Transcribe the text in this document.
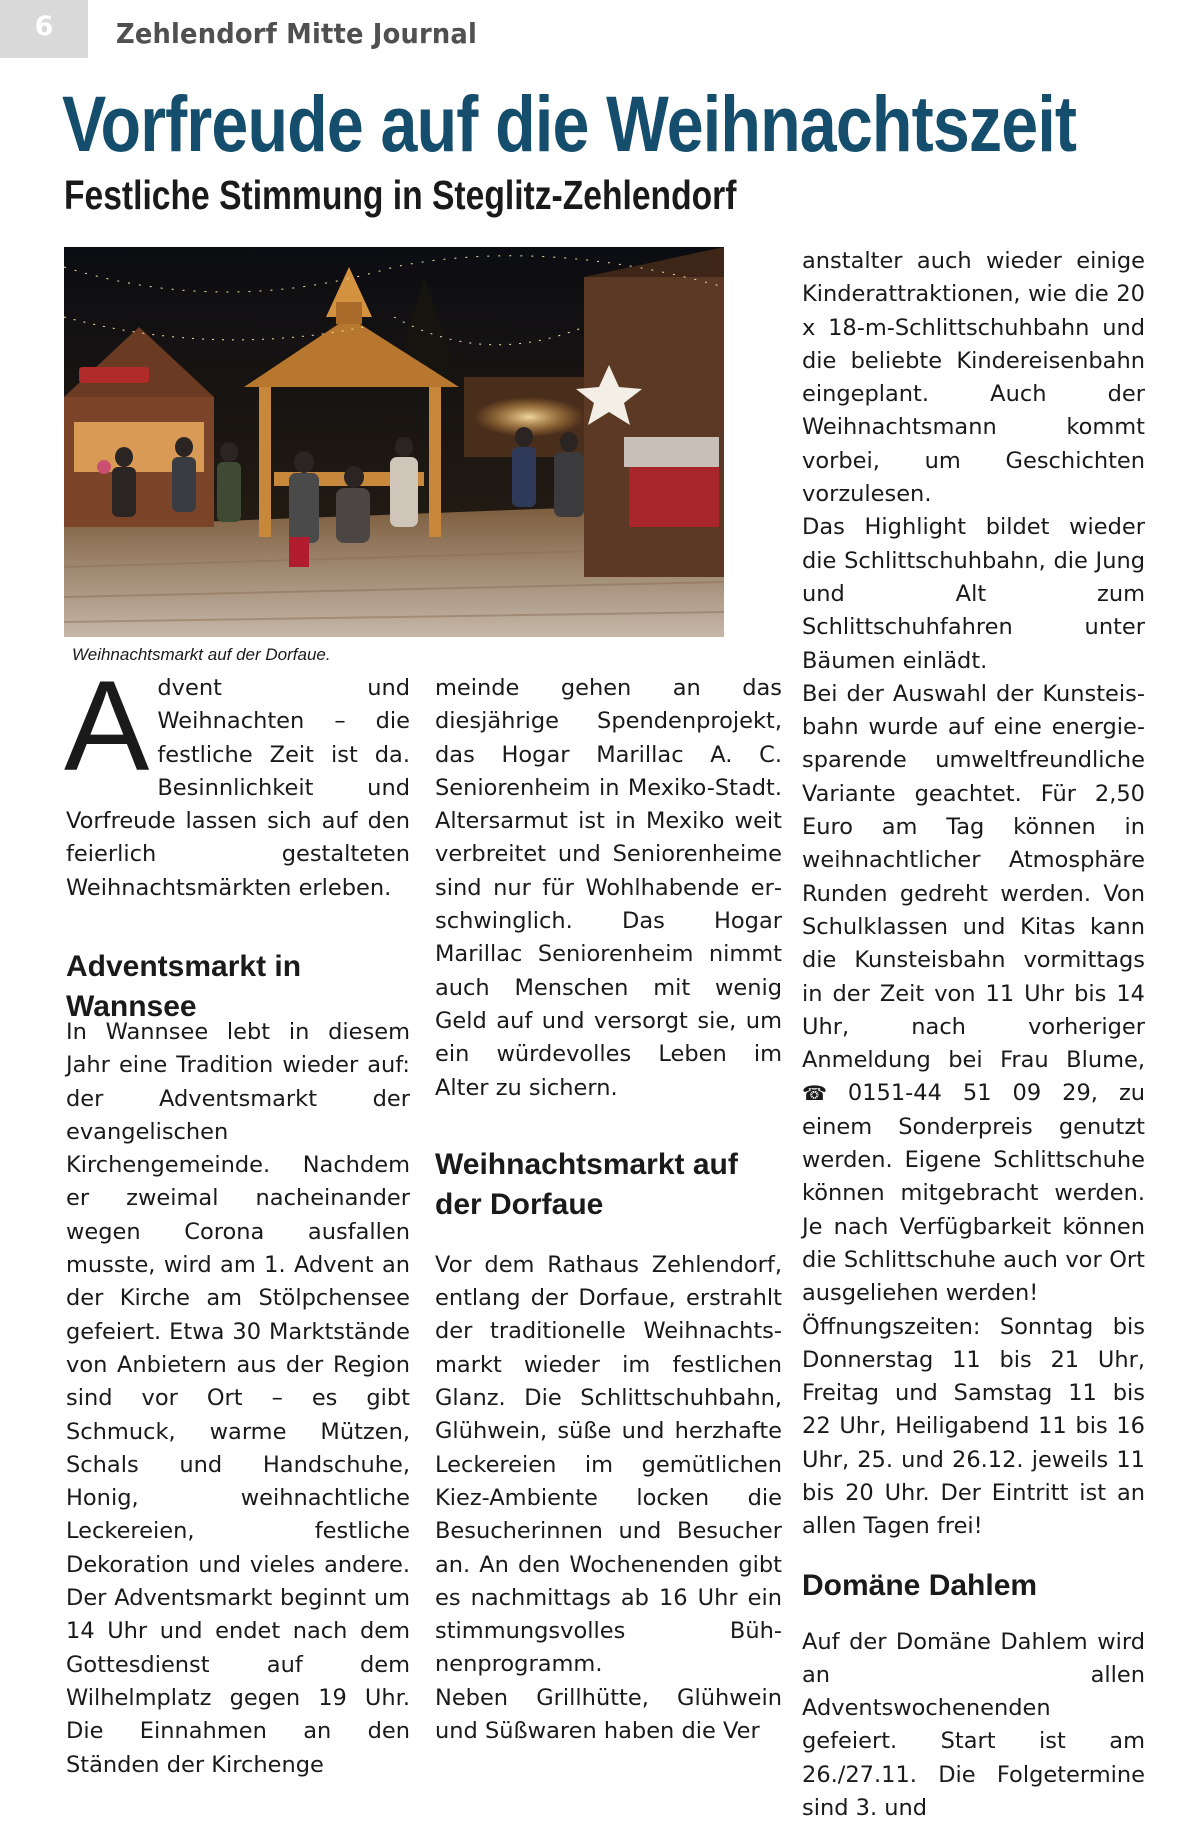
6	Zehlendorf Mitte Journal
Vorfreude auf die Weihnachtszeit
Festliche Stimmung in Steglitz-Zehlendorf
Weihnachtsmarkt auf der Dorfaue.

Advent und Weihnachten – die festliche Zeit ist da. Besinnlichkeit und Vorfreude lassen sich auf den feierlich gestalteten Weihnachtsmärkten erleben.

Adventsmarkt in Wannsee

In Wannsee lebt in diesem Jahr eine Tradition wieder auf: der Adventsmarkt der evangelischen Kirchengemeinde. Nachdem er zweimal nacheinander wegen Corona ausfallen musste, wird am 1. Advent an der Kirche am Stölpchensee gefeiert. Etwa 30 Marktstände von Anbietern aus der Region sind vor Ort – es gibt Schmuck, warme Mützen, Schals und Handschuhe, Honig, weihnachtliche Leckereien, festliche Dekoration und vieles andere. Der Adventsmarkt beginnt um 14 Uhr und endet nach dem Gottesdienst auf dem Wilhelmplatz gegen 19 Uhr. Die Einnahmen an den Ständen der Kirchenge

meinde gehen an das diesjährige Spendenprojekt, das Hogar Marillac A. C. Seniorenheim in Mexiko-Stadt. Altersarmut ist in Mexiko weit verbreitet und Seniorenheime sind nur für Wohlhabende erschwinglich. Das Hogar Marillac Seniorenheim nimmt auch Menschen mit wenig Geld auf und versorgt sie, um ein würdevolles Leben im Alter zu sichern.

Weihnachtsmarkt auf der Dorfaue

Vor dem Rathaus Zehlendorf, entlang der Dorfaue, erstrahlt der traditionelle Weihnachtsmarkt wieder im festlichen Glanz. Die Schlittschuhbahn, Glühwein, süße und herzhafte Leckereien im gemütlichen Kiez-Ambiente locken die Besucherinnen und Besucher an. An den Wochenenden gibt es nachmittags ab 16 Uhr ein stimmungsvolles Bühnenprogramm.

Neben Grillhütte, Glühwein und Süßwaren haben die Ver

anstalter auch wieder einige Kinderattraktionen, wie die 20 x 18-m-Schlittschuhbahn und die beliebte Kindereisenbahn eingeplant. Auch der Weihnachtsmann kommt vorbei, um Geschichten vorzulesen.

Das Highlight bildet wieder die Schlittschuhbahn, die Jung und Alt zum Schlittschuhfahren unter Bäumen einlädt.

Bei der Auswahl der Kunsteisbahn wurde auf eine energiesparende umweltfreundliche Variante geachtet. Für 2,50 Euro am Tag können in weihnachtlicher Atmosphäre Runden gedreht werden. Von Schulklassen und Kitas kann die Kunsteisbahn vormittags in der Zeit von 11 Uhr bis 14 Uhr, nach vorheriger Anmeldung bei Frau Blume, ☎ 0151-44 51 09 29, zu einem Sonderpreis genutzt werden. Eigene Schlittschuhe können mitgebracht werden. Je nach Verfügbarkeit können die Schlittschuhe auch vor Ort ausgeliehen werden!

Öffnungszeiten: Sonntag bis Donnerstag 11 bis 21 Uhr, Freitag und Samstag 11 bis 22 Uhr, Heiligabend 11 bis 16 Uhr, 25. und 26.12. jeweils 11 bis 20 Uhr. Der Eintritt ist an allen Tagen frei!

Domäne Dahlem

Auf der Domäne Dahlem wird an allen Adventswochenenden gefeiert. Start ist am 26./27.11. Die Folgetermine sind 3. und
